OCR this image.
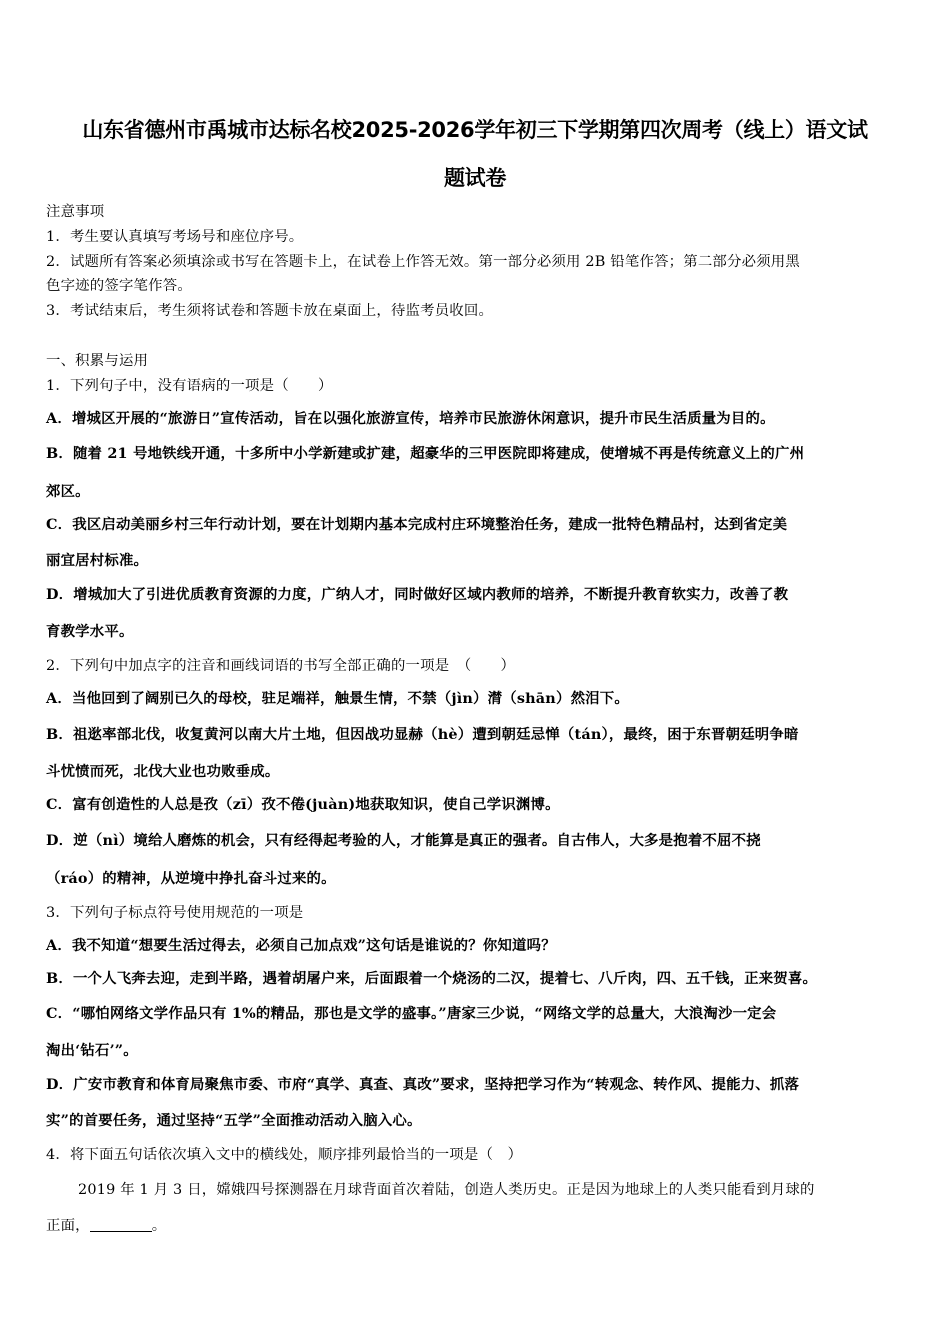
山东省德州市禹城市达标名校2025-2026学年初三下学期第四次周考（线上）语文试
题试卷
注意事项
1．考生要认真填写考场号和座位序号。
2．试题所有答案必须填涂或书写在答题卡上，在试卷上作答无效。第一部分必须用 2B 铅笔作答；第二部分必须用黑
色字迹的签字笔作答。
3．考试结束后，考生须将试卷和答题卡放在桌面上，待监考员收回。
一、积累与运用
1．下列句子中，没有语病的一项是（　　）
A．增城区开展的“旅游日”宣传活动，旨在以强化旅游宣传，培养市民旅游休闲意识，提升市民生活质量为目的。
B．随着 21 号地铁线开通，十多所中小学新建或扩建，超豪华的三甲医院即将建成，使增城不再是传统意义上的广州
郊区。
C．我区启动美丽乡村三年行动计划，要在计划期内基本完成村庄环境整治任务，建成一批特色精品村，达到省定美
丽宜居村标准。
D．增城加大了引进优质教育资源的力度，广纳人才，同时做好区域内教师的培养，不断提升教育软实力，改善了教
育教学水平。
2．下列句中加点字的注音和画线词语的书写全部正确的一项是　（　　）
A．当他回到了阔别已久的母校，驻足端祥，触景生情，不禁（jìn）潸（shān）然泪下。
B．祖逖率部北伐，收复黄河以南大片土地，但因战功显赫（hè）遭到朝廷忌惮（tán），最终，困于东晋朝廷明争暗
斗忧愤而死，北伐大业也功败垂成。
C．富有创造性的人总是孜（zī）孜不倦(juàn)地获取知识，使自己学识渊博。
D．逆（nì）境给人磨炼的机会，只有经得起考验的人，才能算是真正的强者。自古伟人，大多是抱着不屈不挠
（ráo）的精神，从逆境中挣扎奋斗过来的。
3．下列句子标点符号使用规范的一项是
A．我不知道“想要生活过得去，必须自己加点戏”这句话是谁说的？你知道吗？
B．一个人飞奔去迎，走到半路，遇着胡屠户来，后面跟着一个烧汤的二汉，提着七、八斤肉，四、五千钱，正来贺喜。
C．“哪怕网络文学作品只有 1%的精品，那也是文学的盛事。”唐家三少说，“网络文学的总量大，大浪淘沙一定会
淘出‘钻石’”。
D．广安市教育和体育局聚焦市委、市府“真学、真查、真改”要求，坚持把学习作为“转观念、转作风、提能力、抓落
实”的首要任务，通过坚持“五学”全面推动活动入脑入心。
4．将下面五句话依次填入文中的横线处，顺序排列最恰当的一项是（　）
2019 年 1 月 3 日，嫦娥四号探测器在月球背面首次着陆，创造人类历史。正是因为地球上的人类只能看到月球的
正面，	。
